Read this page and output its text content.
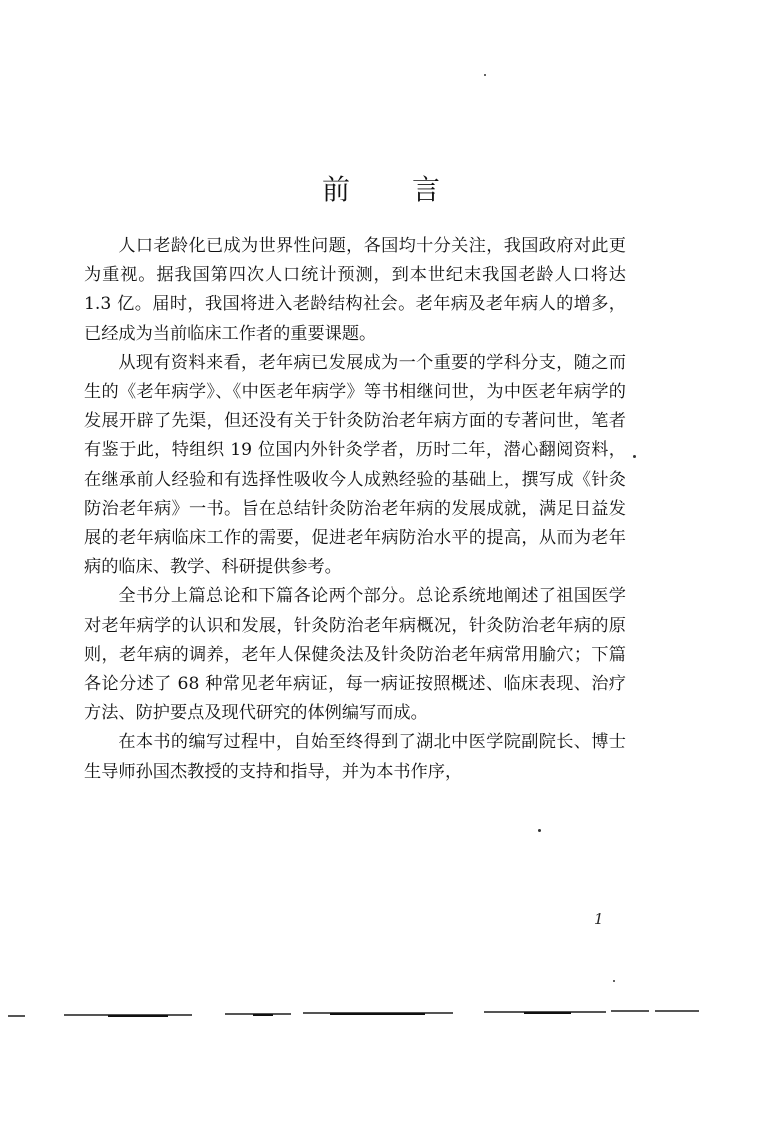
前言

人口老龄化已成为世界性问题，各国均十分关注，我国政府对此更为重视。据我国第四次人口统计预测，到本世纪末我国老龄人口将达 1.3 亿。届时，我国将进入老龄结构社会。老年病及老年病人的增多，已经成为当前临床工作者的重要课题。

从现有资料来看，老年病已发展成为一个重要的学科分支，随之而生的《老年病学》、《中医老年病学》等书相继问世，为中医老年病学的发展开辟了先渠，但还没有关于针灸防治老年病方面的专著问世，笔者有鉴于此，特组织 19 位国内外针灸学者，历时二年，潜心翻阅资料，在继承前人经验和有选择性吸收今人成熟经验的基础上，撰写成《针灸防治老年病》一书。旨在总结针灸防治老年病的发展成就，满足日益发展的老年病临床工作的需要，促进老年病防治水平的提高，从而为老年病的临床、教学、科研提供参考。

全书分上篇总论和下篇各论两个部分。总论系统地阐述了祖国医学对老年病学的认识和发展，针灸防治老年病概况，针灸防治老年病的原则，老年病的调养，老年人保健灸法及针灸防治老年病常用腧穴；下篇各论分述了 68 种常见老年病证，每一病证按照概述、临床表现、治疗方法、防护要点及现代研究的体例编写而成。

在本书的编写过程中，自始至终得到了湖北中医学院副院长、博士生导师孙国杰教授的支持和指导，并为本书作序，

1
